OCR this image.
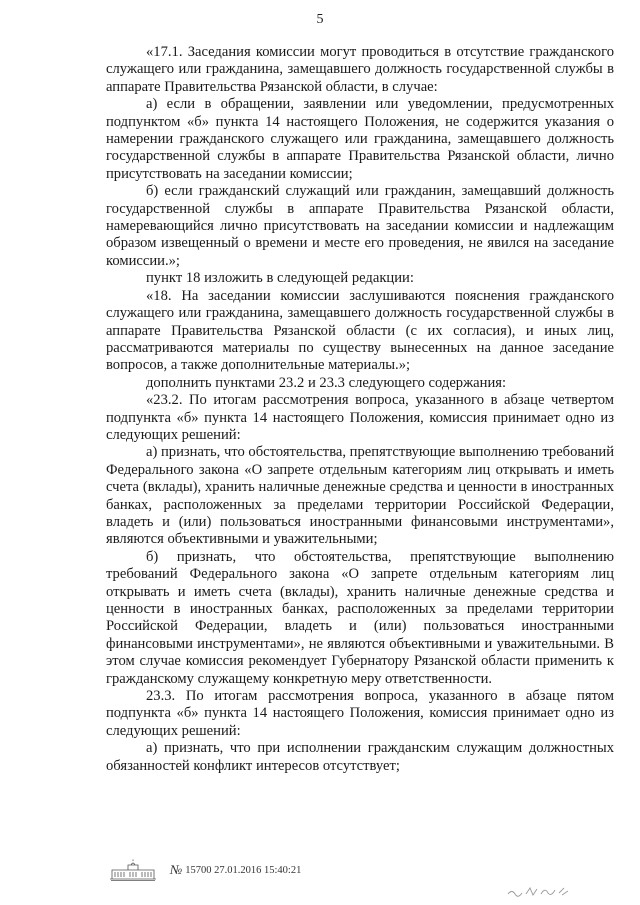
5

«17.1. Заседания комиссии могут проводиться в отсутствие гражданского служащего или гражданина, замещавшего должность государственной службы в аппарате Правительства Рязанской области, в случае:

а) если в обращении, заявлении или уведомлении, предусмотренных подпунктом «б» пункта 14 настоящего Положения, не содержится указания о намерении гражданского служащего или гражданина, замещавшего должность государственной службы в аппарате Правительства Рязанской области, лично присутствовать на заседании комиссии;

б) если гражданский служащий или гражданин, замещавший должность государственной службы в аппарате Правительства Рязанской области, намеревающийся лично присутствовать на заседании комиссии и надлежащим образом извещенный о времени и месте его проведения, не явился на заседание комиссии.»;

пункт 18 изложить в следующей редакции:

«18. На заседании комиссии заслушиваются пояснения гражданского служащего или гражданина, замещавшего должность государственной службы в аппарате Правительства Рязанской области (с их согласия), и иных лиц, рассматриваются материалы по существу вынесенных на данное заседание вопросов, а также дополнительные материалы.»;

дополнить пунктами 23.2 и 23.3 следующего содержания:

«23.2. По итогам рассмотрения вопроса, указанного в абзаце четвертом подпункта «б» пункта 14 настоящего Положения, комиссия принимает одно из следующих решений:

а) признать, что обстоятельства, препятствующие выполнению требований Федерального закона «О запрете отдельным категориям лиц открывать и иметь счета (вклады), хранить наличные денежные средства и ценности в иностранных банках, расположенных за пределами территории Российской Федерации, владеть и (или) пользоваться иностранными финансовыми инструментами», являются объективными и уважительными;

б) признать, что обстоятельства, препятствующие выполнению требований Федерального закона «О запрете отдельным категориям лиц открывать и иметь счета (вклады), хранить наличные денежные средства и ценности в иностранных банках, расположенных за пределами территории Российской Федерации, владеть и (или) пользоваться иностранными финансовыми инструментами», не являются объективными и уважительными. В этом случае комиссия рекомендует Губернатору Рязанской области применить к гражданскому служащему конкретную меру ответственности.

23.3. По итогам рассмотрения вопроса, указанного в абзаце пятом подпункта «б» пункта 14 настоящего Положения, комиссия принимает одно из следующих решений:

а) признать, что при исполнении гражданским служащим должностных обязанностей конфликт интересов отсутствует;

№ 15700 27.01.2016 15:40:21
